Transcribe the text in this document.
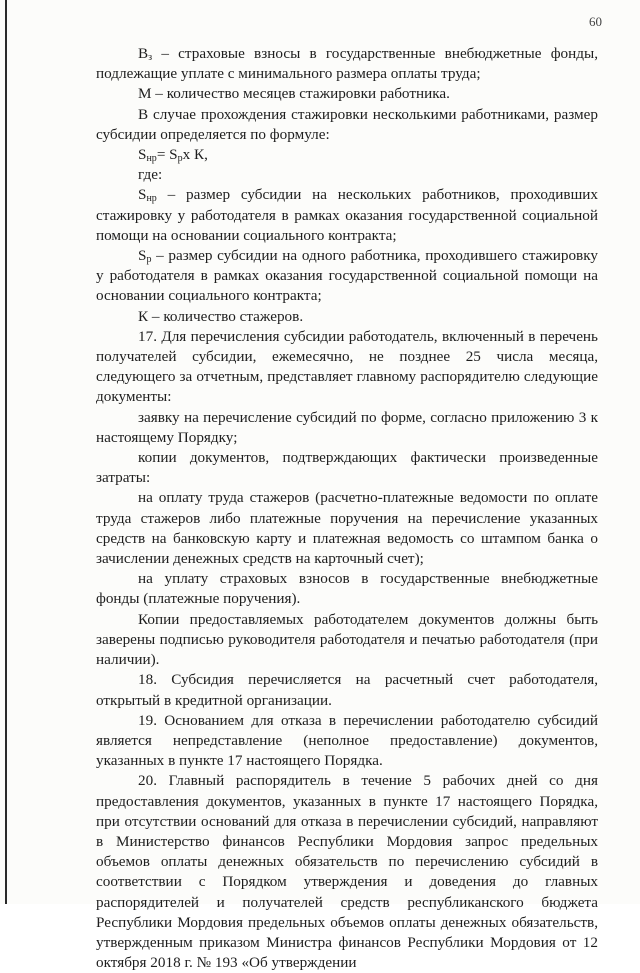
60

$В_з$ – страховые взносы в государственные внебюджетные фонды, подлежащие уплате с минимального размера оплаты труда;

М – количество месяцев стажировки работника.

В случае прохождения стажировки несколькими работниками, размер субсидии определяется по формуле:

$S_{нр}= S_рх$ К,

где:

$S_{нр}$ – размер субсидии на нескольких работников, проходивших стажировку у работодателя в рамках оказания государственной социальной помощи на основании социального контракта;

$S_р$ – размер субсидии на одного работника, проходившего стажировку у работодателя в рамках оказания государственной социальной помощи на основании социального контракта;

К – количество стажеров.

17. Для перечисления субсидии работодатель, включенный в перечень получателей субсидии, ежемесячно, не позднее 25 числа месяца, следующего за отчетным, представляет главному распорядителю следующие документы:

заявку на перечисление субсидий по форме, согласно приложению 3 к настоящему Порядку;

копии документов, подтверждающих фактически произведенные затраты:

на оплату труда стажеров (расчетно-платежные ведомости по оплате труда стажеров либо платежные поручения на перечисление указанных средств на банковскую карту и платежная ведомость со штампом банка о зачислении денежных средств на карточный счет);

на уплату страховых взносов в государственные внебюджетные фонды (платежные поручения).

Копии предоставляемых работодателем документов должны быть заверены подписью руководителя работодателя и печатью работодателя (при наличии).

18. Субсидия перечисляется на расчетный счет работодателя, открытый в кредитной организации.

19. Основанием для отказа в перечислении работодателю субсидий является непредставление (неполное предоставление) документов, указанных в пункте 17 настоящего Порядка.

20. Главный распорядитель в течение 5 рабочих дней со дня предоставления документов, указанных в пункте 17 настоящего Порядка, при отсутствии оснований для отказа в перечислении субсидий, направляют в Министерство финансов Республики Мордовия запрос предельных объемов оплаты денежных обязательств по перечислению субсидий в соответствии с Порядком утверждения и доведения до главных распорядителей и получателей средств республиканского бюджета Республики Мордовия предельных объемов оплаты денежных обязательств, утвержденным приказом Министра финансов Республики Мордовия от 12 октября 2018 г. № 193 «Об утверждении
